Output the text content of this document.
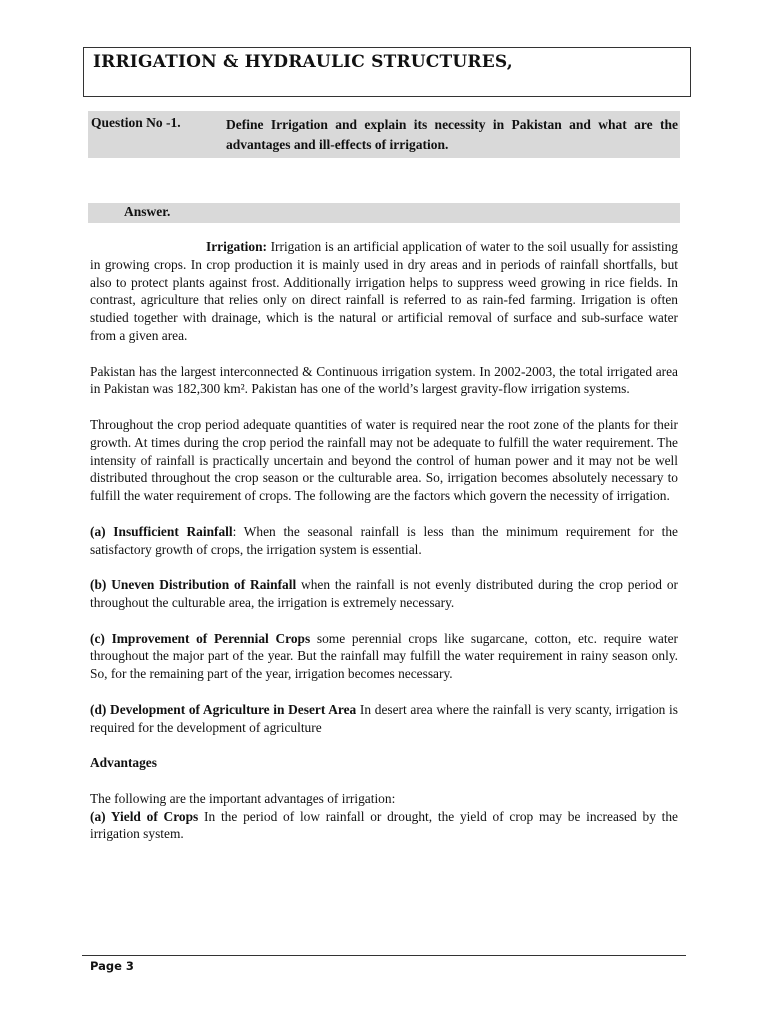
IRRIGATION & HYDRAULIC STRUCTURES,
Question No -1.	Define Irrigation and explain its necessity in Pakistan and what are the advantages and ill-effects of irrigation.
Answer.

Irrigation: Irrigation is an artificial application of water to the soil usually for assisting in growing crops. In crop production it is mainly used in dry areas and in periods of rainfall shortfalls, but also to protect plants against frost. Additionally irrigation helps to suppress weed growing in rice fields. In contrast, agriculture that relies only on direct rainfall is referred to as rain-fed farming. Irrigation is often studied together with drainage, which is the natural or artificial removal of surface and sub-surface water from a given area.

Pakistan has the largest interconnected & Continuous irrigation system. In 2002-2003, the total irrigated area in Pakistan was 182,300 km². Pakistan has one of the world’s largest gravity-flow irrigation systems.

Throughout the crop period adequate quantities of water is required near the root zone of the plants for their growth. At times during the crop period the rainfall may not be adequate to fulfill the water requirement. The intensity of rainfall is practically uncertain and beyond the control of human power and it may not be well distributed throughout the crop season or the culturable area. So, irrigation becomes absolutely necessary to fulfill the water requirement of crops. The following are the factors which govern the necessity of irrigation.

(a) Insufficient Rainfall: When the seasonal rainfall is less than the minimum requirement for the satisfactory growth of crops, the irrigation system is essential.

(b) Uneven Distribution of Rainfall when the rainfall is not evenly distributed during the crop period or throughout the culturable area, the irrigation is extremely necessary.

(c) Improvement of Perennial Crops some perennial crops like sugarcane, cotton, etc. require water throughout the major part of the year. But the rainfall may fulfill the water requirement in rainy season only. So, for the remaining part of the year, irrigation becomes necessary.

(d) Development of Agriculture in Desert Area In desert area where the rainfall is very scanty, irrigation is required for the development of agriculture

Advantages

The following are the important advantages of irrigation:

(a) Yield of Crops In the period of low rainfall or drought, the yield of crop may be increased by the irrigation system.

Page 3
